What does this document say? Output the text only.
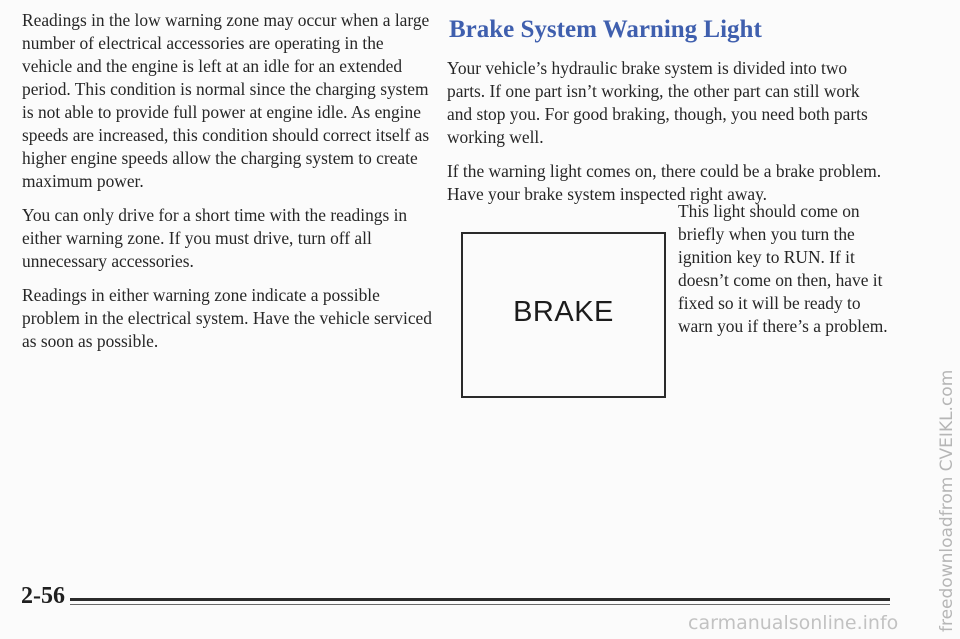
Readings in the low warning zone may occur when a large number of electrical accessories are operating in the vehicle and the engine is left at an idle for an extended period. This condition is normal since the charging system is not able to provide full power at engine idle. As engine speeds are increased, this condition should correct itself as higher engine speeds allow the charging system to create maximum power.

You can only drive for a short time with the readings in either warning zone. If you must drive, turn off all unnecessary accessories.

Readings in either warning zone indicate a possible problem in the electrical system. Have the vehicle serviced as soon as possible.

Brake System Warning Light

Your vehicle’s hydraulic brake system is divided into two parts. If one part isn’t working, the other part can still work and stop you. For good braking, though, you need both parts working well.

If the warning light comes on, there could be a brake problem. Have your brake system inspected right away.

BRAKE

This light should come on briefly when you turn the ignition key to RUN. If it doesn’t come on then, have it fixed so it will be ready to warn you if there’s a problem.

2-56	freedownloadfrom CVEIKL.com
carmanualsonline.info
